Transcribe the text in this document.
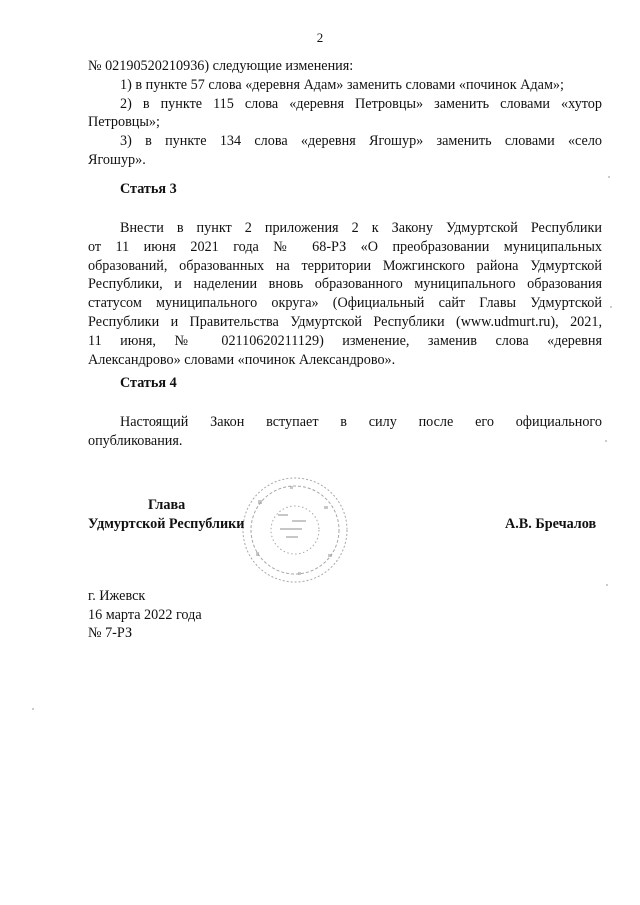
2
№ 02190520210936) следующие изменения:
1) в пункте 57 слова «деревня Адам» заменить словами «починок Адам»;
2) в пункте 115 слова «деревня Петровцы» заменить словами «хутор
Петровцы»;
3) в пункте 134 слова «деревня Ягошур» заменить словами «село
Ягошур».
Статья 3
Внести в пункт 2 приложения 2 к Закону Удмуртской Республики
от 11 июня 2021 года № 68-РЗ «О преобразовании муниципальных
образований, образованных на территории Можгинского района Удмуртской
Республики, и наделении вновь образованного муниципального образования
статусом муниципального округа» (Официальный сайт Главы Удмуртской
Республики и Правительства Удмуртской Республики (www.udmurt.ru), 2021,
11 июня, № 02110620211129) изменение, заменив слова «деревня
Александрово» словами «починок Александрово».
Статья 4
Настоящий Закон вступает в силу после его официального
опубликования.
Глава
Удмуртской Республики	А.В. Бречалов
г. Ижевск
16 марта 2022 года
№ 7-РЗ
